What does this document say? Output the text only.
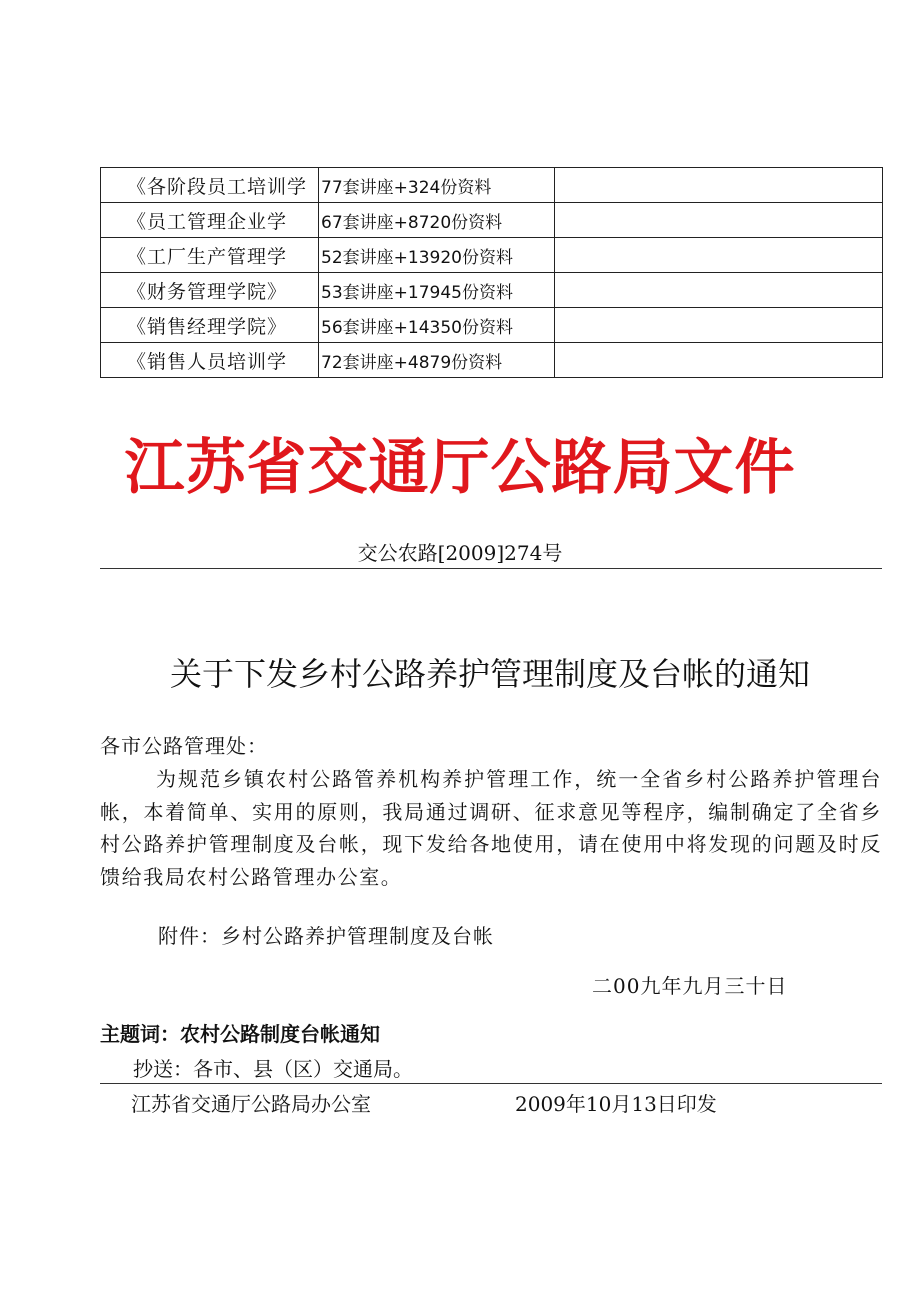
《各阶段员工培训学	77套讲座+324份资料	
《员工管理企业学	67套讲座+8720份资料	
《工厂生产管理学	52套讲座+13920份资料	
《财务管理学院》	53套讲座+17945份资料	
《销售经理学院》	56套讲座+14350份资料	
《销售人员培训学	72套讲座+4879份资料	
江苏省交通厅公路局文件
交公农路[2009]274号
关于下发乡村公路养护管理制度及台帐的通知
各市公路管理处：

为规范乡镇农村公路管养机构养护管理工作，统一全省乡村公路养护管理台帐，本着简单、实用的原则，我局通过调研、征求意见等程序，编制确定了全省乡村公路养护管理制度及台帐，现下发给各地使用，请在使用中将发现的问题及时反馈给我局农村公路管理办公室。

附件：乡村公路养护管理制度及台帐
二00九年九月三十日
主题词：农村公路制度台帐通知
抄送：各市、县（区）交通局。
江苏省交通厅公路局办公室	2009年10月13日印发
